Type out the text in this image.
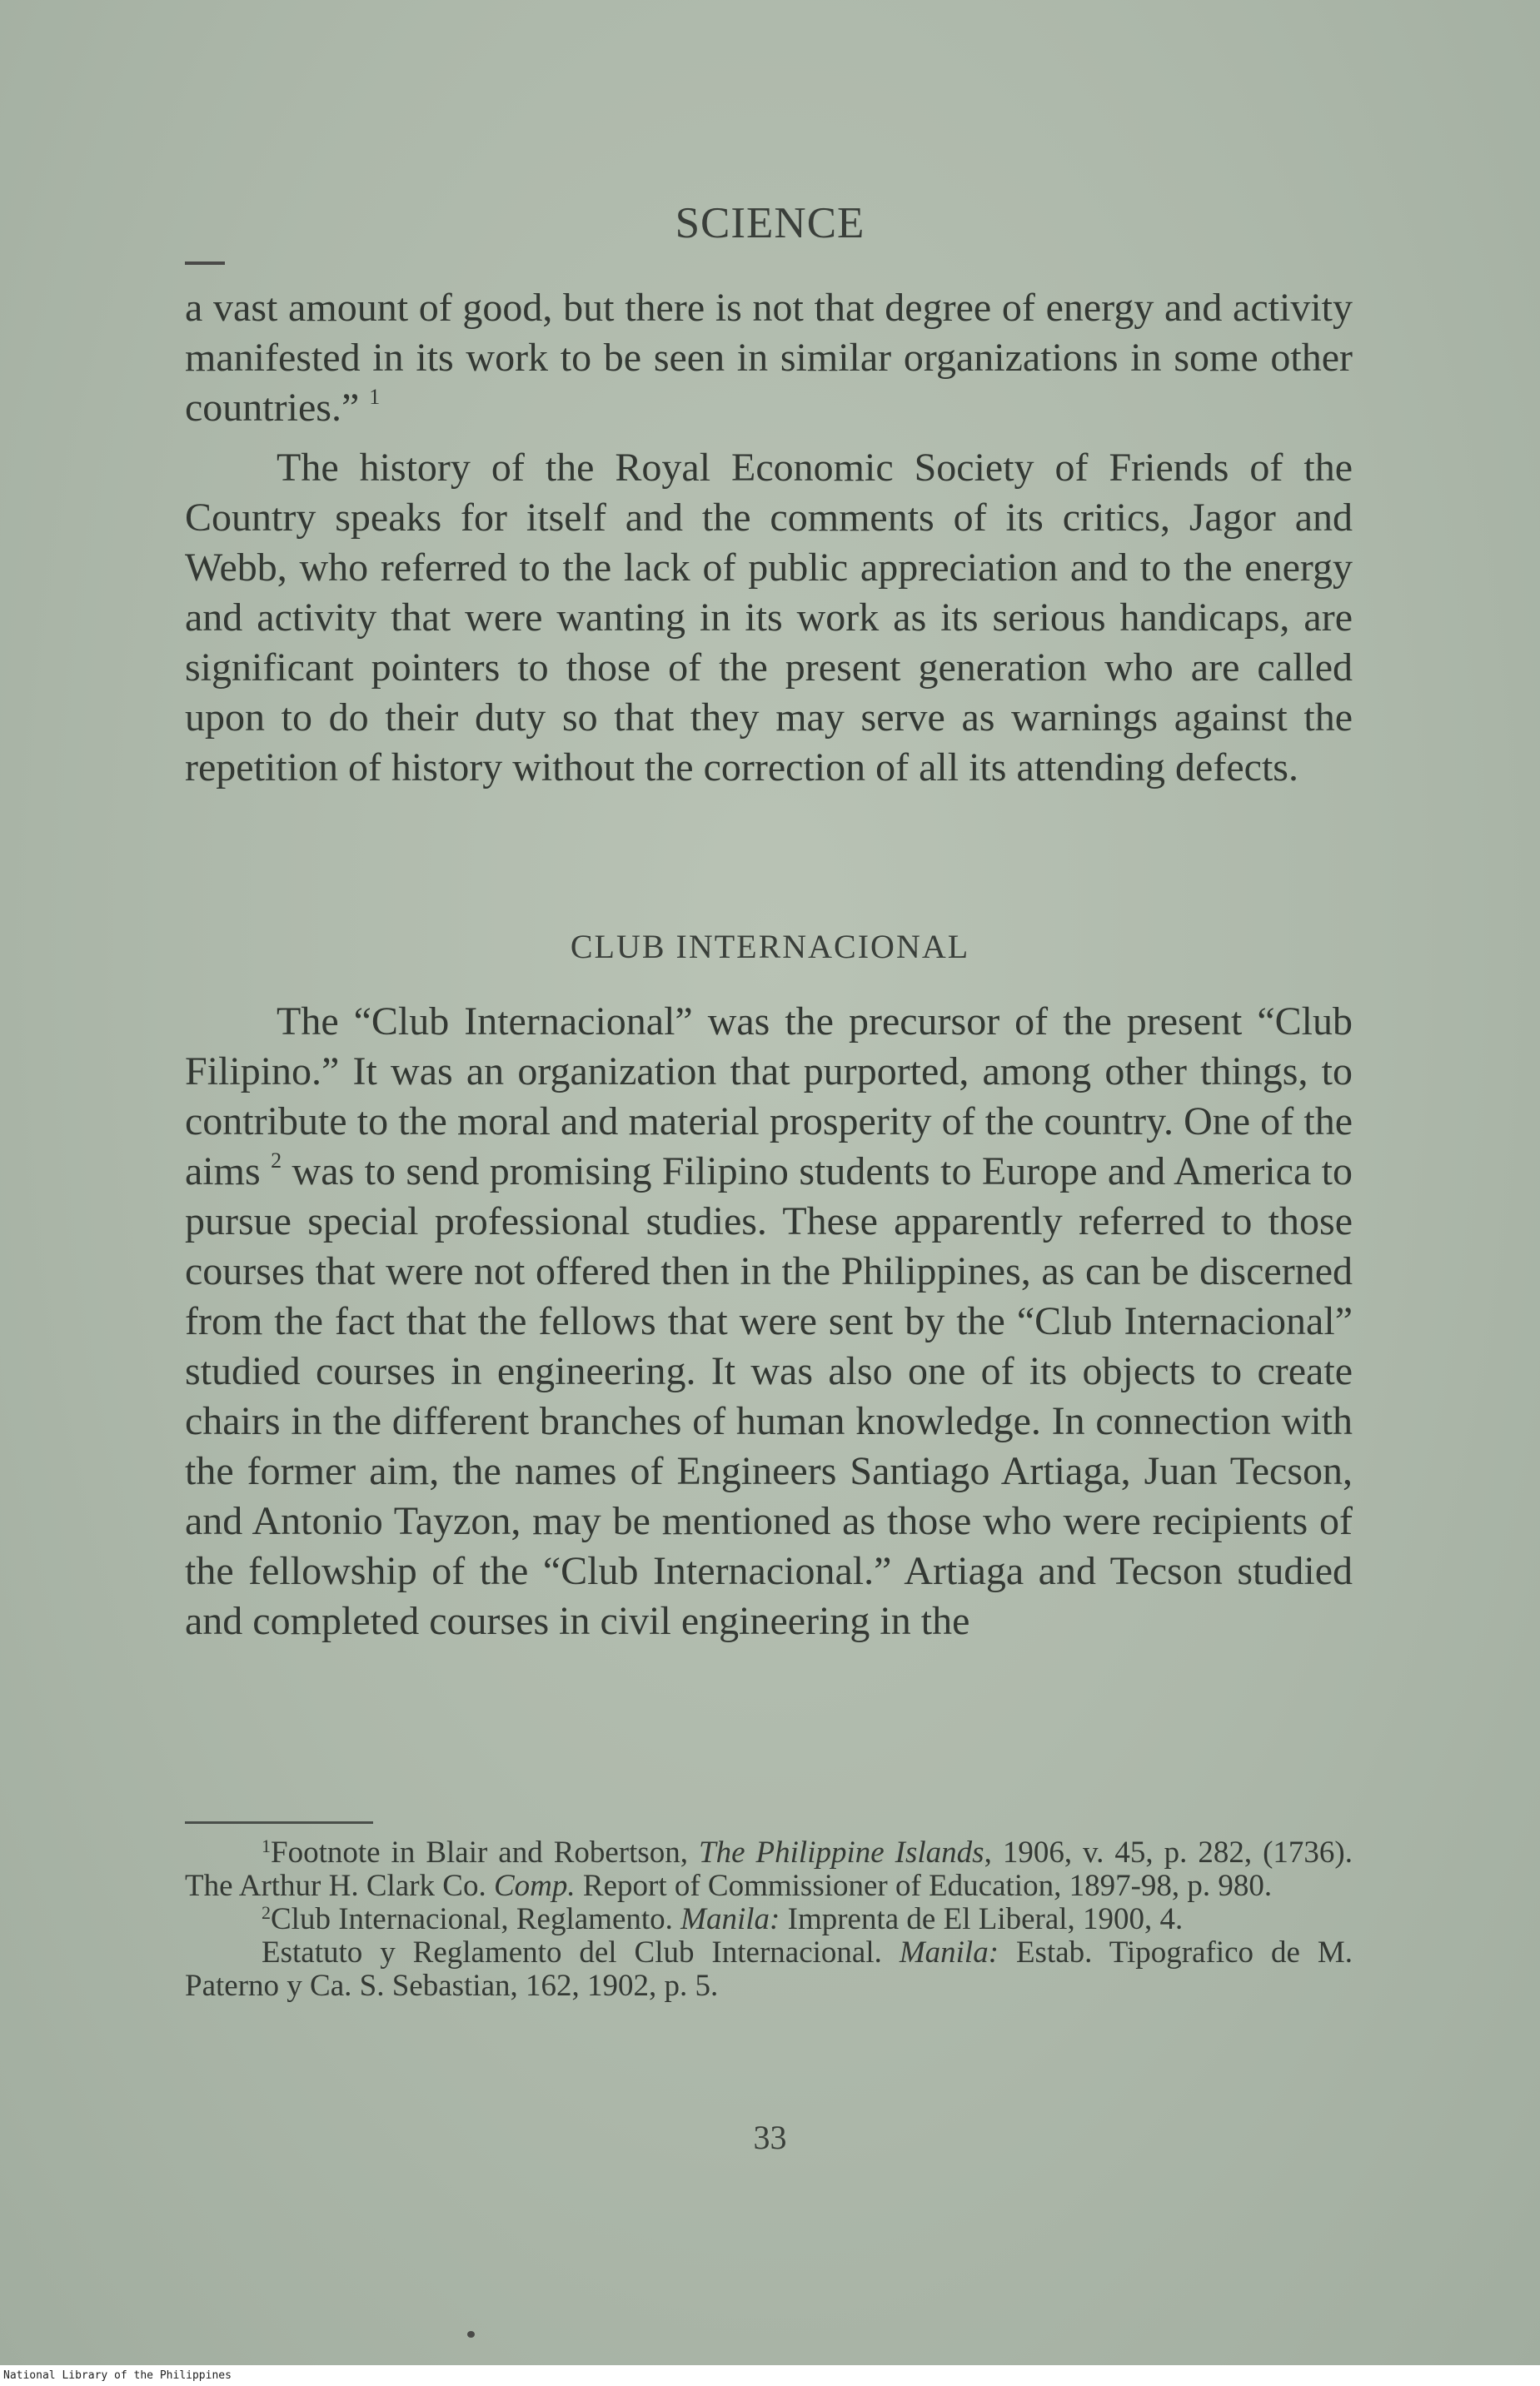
SCIENCE

a vast amount of good, but there is not that degree of energy and activity manifested in its work to be seen in similar organizations in some other countries.” $^1$

The history of the Royal Economic Society of Friends of the Country speaks for itself and the comments of its critics, Jagor and Webb, who referred to the lack of public appreciation and to the energy and activity that were wanting in its work as its serious handicaps, are significant pointers to those of the present generation who are called upon to do their duty so that they may serve as warnings against the repetition of history without the correction of all its attending defects.

CLUB INTERNACIONAL

The “Club Internacional” was the precursor of the present “Club Filipino.” It was an organization that purported, among other things, to contribute to the moral and material prosperity of the country. One of the aims $^2$ was to send promising Filipino students to Europe and America to pursue special professional studies. These apparently referred to those courses that were not offered then in the Philippines, as can be discerned from the fact that the fellows that were sent by the “Club Internacional” studied courses in engineering. It was also one of its objects to create chairs in the different branches of human knowledge. In connection with the former aim, the names of Engineers Santiago Artiaga, Juan Tecson, and Antonio Tayzon, may be mentioned as those who were recipients of the fellowship of the “Club Internacional.” Artiaga and Tecson studied and completed courses in civil engineering in the

$^1$Footnote in Blair and Robertson, The Philippine Islands, 1906, v. 45, p. 282, (1736). The Arthur H. Clark Co. Comp. Report of Commissioner of Education, 1897-98, p. 980.

$^2$Club Internacional, Reglamento. Manila: Imprenta de El Liberal, 1900, 4.

Estatuto y Reglamento del Club Internacional. Manila: Estab. Tipografico de M. Paterno y Ca. S. Sebastian, 162, 1902, p. 5.

33
National Library of the Philippines
